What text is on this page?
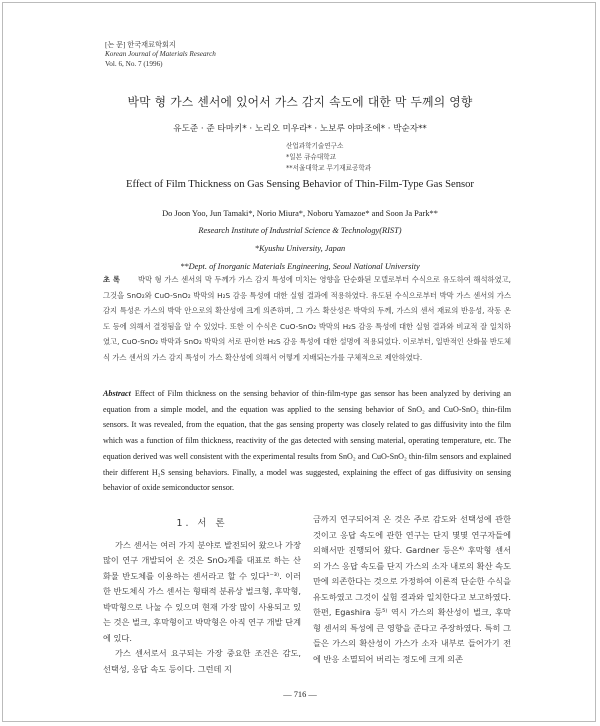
[논 문] 한국재료학회지
Korean Journal of Materials Research
Vol. 6, No. 7 (1996)
박막 형 가스 센서에 있어서 가스 감지 속도에 대한 막 두께의 영향
유도준 · 준 타마키* · 노리오 미우라* · 노보루 야마조에* · 박순자**
산업과학기술연구소
*일본 큐슈대학교
**서울대학교 무기재료공학과
Effect of Film Thickness on Gas Sensing Behavior of Thin-Film-Type Gas Sensor
Do Joon Yoo, Jun Tamaki*, Norio Miura*, Noboru Yamazoe* and Soon Ja Park**
Research Institute of Industrial Science & Technology(RIST)
*Kyushu University, Japan
**Dept. of Inorganic Materials Engineering, Seoul National University
초 록 박막 형 가스 센서의 막 두께가 가스 감지 특성에 미치는 영향을 단순화된 모델로부터 수식으로 유도하여 해석하였고, 그것을 SnO₂와 CuO-SnO₂ 박막의 H₂S 감응 특성에 대한 실험 결과에 적용하였다. 유도된 수식으로부터 박막 가스 센서의 가스 감지 특성은 가스의 박막 안으로의 확산성에 크게 의존하며, 그 가스 확산성은 박막의 두께, 가스의 센서 재료의 반응성, 작동 온도 등에 의해서 결정됨을 알 수 있었다. 또한 이 수식은 CuO-SnO₂ 박막의 H₂S 감응 특성에 대한 실험 결과와 비교적 잘 일치하였고, CuO-SnO₂ 박막과 SnO₂ 박막의 서로 판이한 H₂S 감응 특성에 대한 설명에 적용되었다. 이로부터, 일반적인 산화물 반도체식 가스 센서의 가스 감지 특성이 가스 확산성에 의해서 어떻게 지배되는가를 구체적으로 제안하였다.
Abstract Effect of Film thickness on the sensing behavior of thin-film-type gas sensor has been analyzed by deriving an equation from a simple model, and the equation was applied to the sensing behavior of SnO₂ and CuO-SnO₂ thin-film sensors. It was revealed, from the equation, that the gas sensing property was closely related to gas diffusivity into the film which was a function of film thickness, reactivity of the gas detected with sensing material, operating temperature, etc. The equation derived was well consistent with the experimental results from SnO₂ and CuO-SnO₂ thin-film sensors and explained their different H₂S sensing behaviors. Finally, a model was suggested, explaining the effect of gas diffusivity on sensing behavior of oxide semiconductor sensor.
1. 서 론

가스 센서는 여러 가지 분야로 발전되어 왔으나 가장 많이 연구 개발되어 온 것은 SnO₂계를 대표로 하는 산화물 반도체를 이용하는 센서라고 할 수 있다¹⁻³⁾. 이러한 반도체식 가스 센서는 형태적 분류상 벌크형, 후막형, 박막형으로 나눌 수 있으며 현재 가장 많이 사용되고 있는 것은 벌크, 후막형이고 박막형은 아직 연구 개발 단계에 있다.

가스 센서로서 요구되는 가장 중요한 조건은 감도, 선택성, 응답 속도 등이다. 그런데 지

금까지 연구되어져 온 것은 주로 감도와 선택성에 관한 것이고 응답 속도에 관한 연구는 단지 몇몇 연구자들에 의해서만 진행되어 왔다. Gardner 등은⁴⁾ 후막형 센서의 가스 응답 속도를 단지 가스의 소자 내로의 확산 속도만에 의존한다는 것으로 가정하여 이론적 단순한 수식을 유도하였고 그것이 실험 결과와 일치한다고 보고하였다. 한편, Egashira 등⁵⁾ 역시 가스의 확산성이 벌크, 후막형 센서의 특성에 큰 영향을 준다고 주장하였다. 특히 그들은 가스의 확산성이 가스가 소자 내부로 들어가기 전에 반응 소멸되어 버리는 정도에 크게 의존

— 716 —
